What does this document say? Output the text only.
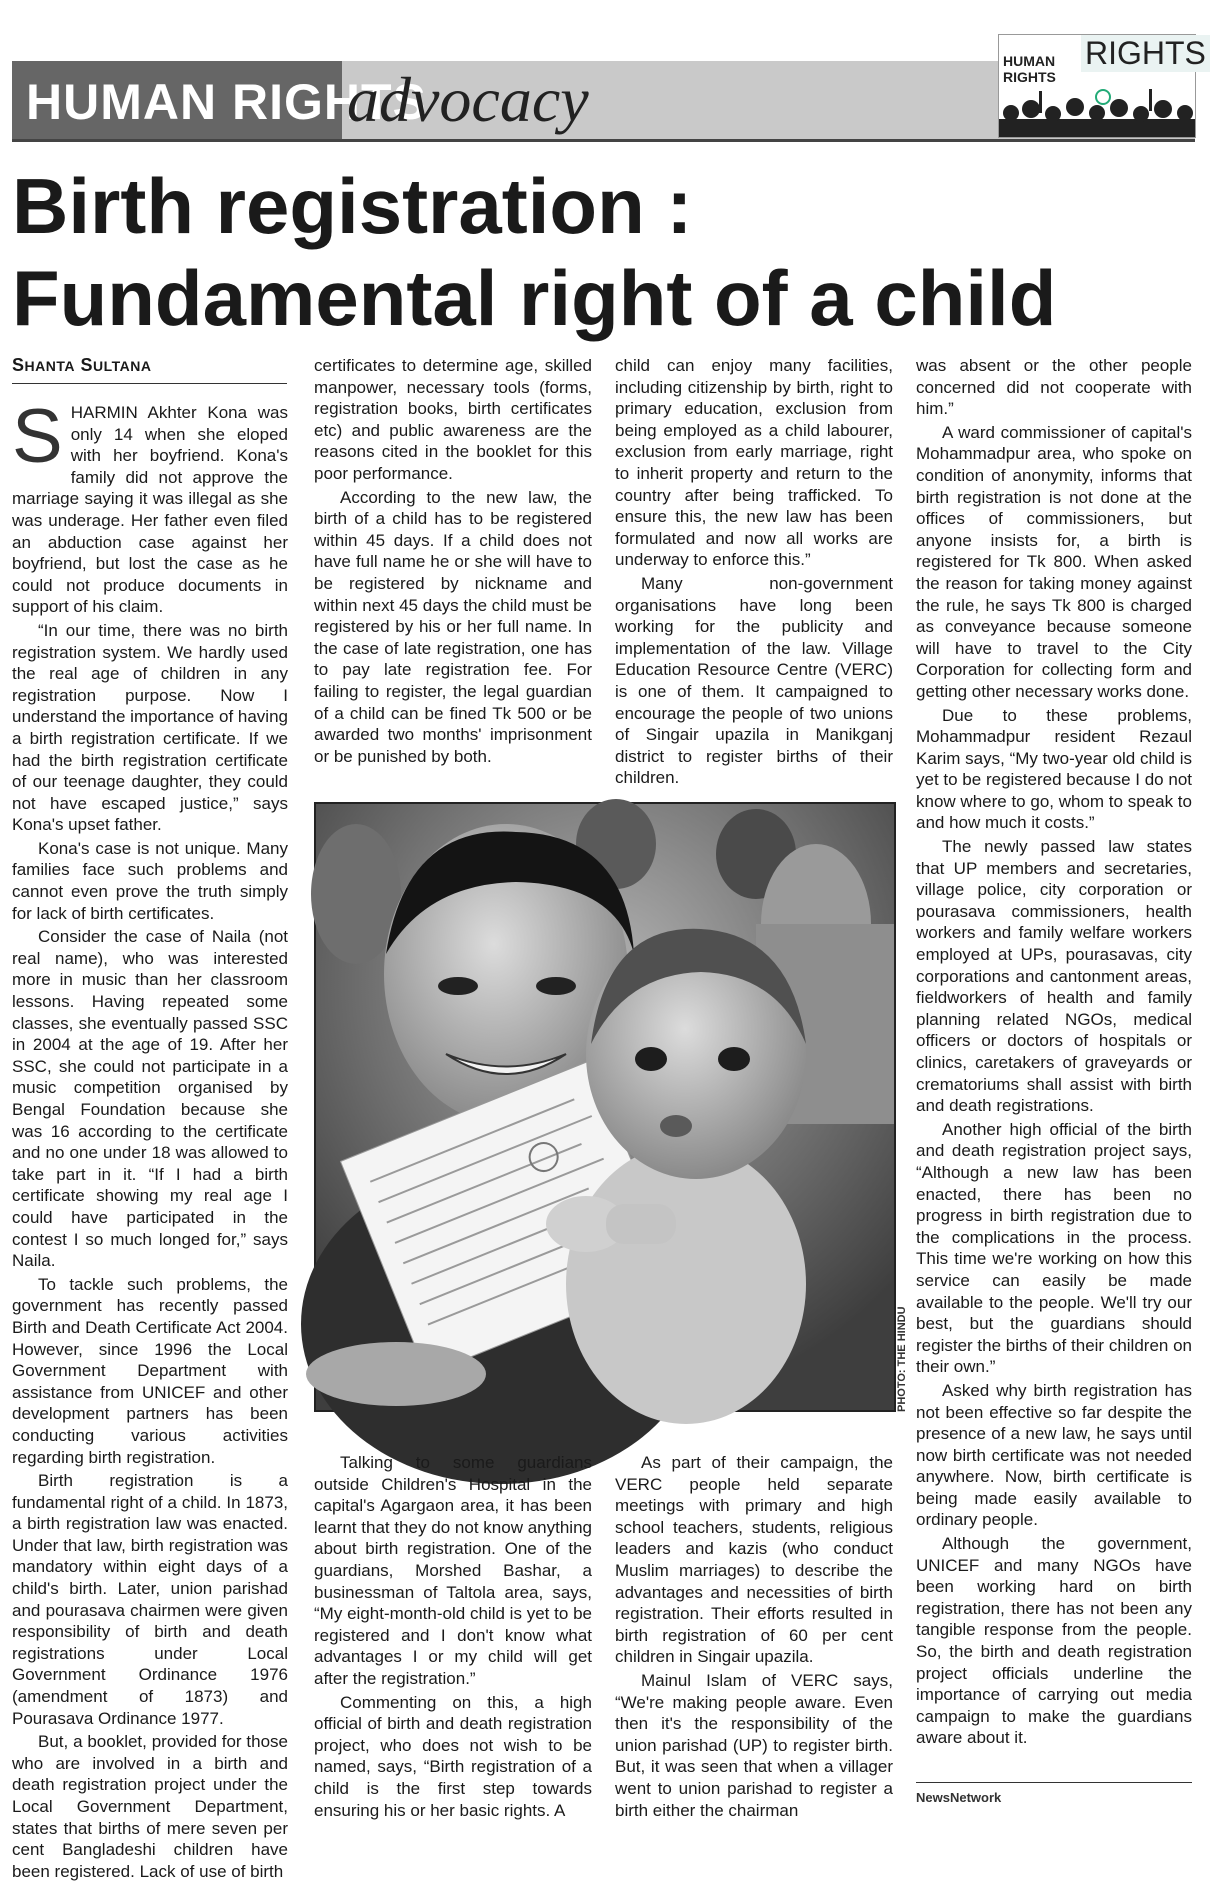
HUMAN RIGHTS
advocacy
HUMAN
RIGHTS
RIGHTS
Birth registration : Fundamental right of a child
SHANTA SULTANA

SHARMIN Akhter Kona was only 14 when she eloped with her boyfriend. Kona's family did not approve the marriage saying it was illegal as she was underage. Her father even filed an abduction case against her boyfriend, but lost the case as he could not produce documents in support of his claim.

“In our time, there was no birth registration system. We hardly used the real age of children in any registration purpose. Now I understand the importance of having a birth registration certificate. If we had the birth registration certificate of our teenage daughter, they could not have escaped justice,” says Kona's upset father.

Kona's case is not unique. Many families face such problems and cannot even prove the truth simply for lack of birth certificates.

Consider the case of Naila (not real name), who was interested more in music than her classroom lessons. Having repeated some classes, she eventually passed SSC in 2004 at the age of 19. After her SSC, she could not participate in a music competition organised by Bengal Foundation because she was 16 according to the certificate and no one under 18 was allowed to take part in it. “If I had a birth certificate showing my real age I could have participated in the contest I so much longed for,” says Naila.

To tackle such problems, the government has recently passed Birth and Death Certificate Act 2004. However, since 1996 the Local Government Department with assistance from UNICEF and other development partners has been conducting various activities regarding birth registration.

Birth registration is a fundamental right of a child. In 1873, a birth registration law was enacted. Under that law, birth registration was mandatory within eight days of a child's birth. Later, union parishad and pourasava chairmen were given responsibility of birth and death registrations under Local Government Ordinance 1976 (amendment of 1873) and Pourasava Ordinance 1977.

But, a booklet, provided for those who are involved in a birth and death registration project under the Local Government Department, states that births of mere seven per cent Bangladeshi children have been registered. Lack of use of birth

certificates to determine age, skilled manpower, necessary tools (forms, registration books, birth certificates etc) and public awareness are the reasons cited in the booklet for this poor performance.

According to the new law, the birth of a child has to be registered within 45 days. If a child does not have full name he or she will have to be registered by nickname and within next 45 days the child must be registered by his or her full name. In the case of late registration, one has to pay late registration fee. For failing to register, the legal guardian of a child can be fined Tk 500 or be awarded two months' imprisonment or be punished by both.

child can enjoy many facilities, including citizenship by birth, right to primary education, exclusion from being employed as a child labourer, exclusion from early marriage, right to inherit property and return to the country after being trafficked. To ensure this, the new law has been formulated and now all works are underway to enforce this.”

Many non-government organisations have long been working for the publicity and implementation of the law. Village Education Resource Centre (VERC) is one of them. It campaigned to encourage the people of two unions of Singair upazila in Manikganj district to register births of their children.

PHOTO: THE HINDU

Talking to some guardians outside Children's Hospital in the capital's Agargaon area, it has been learnt that they do not know anything about birth registration. One of the guardians, Morshed Bashar, a businessman of Taltola area, says, “My eight-month-old child is yet to be registered and I don't know what advantages I or my child will get after the registration.”

Commenting on this, a high official of birth and death registration project, who does not wish to be named, says, “Birth registration of a child is the first step towards ensuring his or her basic rights. A

As part of their campaign, the VERC people held separate meetings with primary and high school teachers, students, religious leaders and kazis (who conduct Muslim marriages) to describe the advantages and necessities of birth registration. Their efforts resulted in birth registration of 60 per cent children in Singair upazila.

Mainul Islam of VERC says, “We're making people aware. Even then it's the responsibility of the union parishad (UP) to register birth. But, it was seen that when a villager went to union parishad to register a birth either the chairman

was absent or the other people concerned did not cooperate with him.”

A ward commissioner of capital's Mohammadpur area, who spoke on condition of anonymity, informs that birth registration is not done at the offices of commissioners, but anyone insists for, a birth is registered for Tk 800. When asked the reason for taking money against the rule, he says Tk 800 is charged as conveyance because someone will have to travel to the City Corporation for collecting form and getting other necessary works done.

Due to these problems, Mohammadpur resident Rezaul Karim says, “My two-year old child is yet to be registered because I do not know where to go, whom to speak to and how much it costs.”

The newly passed law states that UP members and secretaries, village police, city corporation or pourasava commissioners, health workers and family welfare workers employed at UPs, pourasavas, city corporations and cantonment areas, fieldworkers of health and family planning related NGOs, medical officers or doctors of hospitals or clinics, caretakers of graveyards or crematoriums shall assist with birth and death registrations.

Another high official of the birth and death registration project says, “Although a new law has been enacted, there has been no progress in birth registration due to the complications in the process. This time we're working on how this service can easily be made available to the people. We'll try our best, but the guardians should register the births of their children on their own.”

Asked why birth registration has not been effective so far despite the presence of a new law, he says until now birth certificate was not needed anywhere. Now, birth certificate is being made easily available to ordinary people.

Although the government, UNICEF and many NGOs have been working hard on birth registration, there has not been any tangible response from the people. So, the birth and death registration project officials underline the importance of carrying out media campaign to make the guardians aware about it.

NewsNetwork
